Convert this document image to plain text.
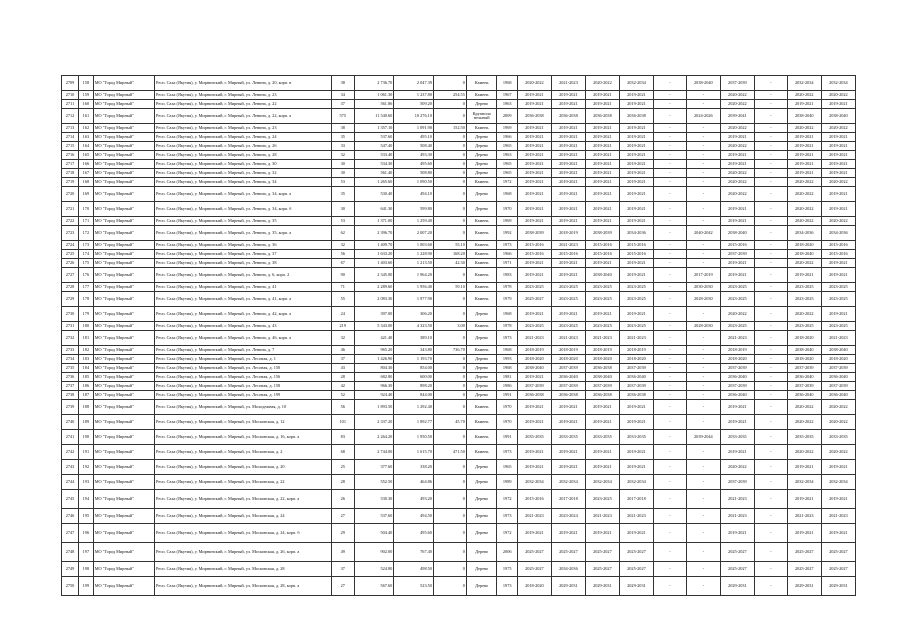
2709	158	МО "Город Мирный"	Респ. Саха (Якутия), у. Мирнинский, г. Мирный, ул. Ленина, д. 20, корп. в	38	2 736.70	2 047.39	0	Камень	1968	2020-2022	2021-2023	2020-2022	2032-2034	-	2038-2040	2037-2039	-	2032-2034	2032-2034
2710	159	МО "Город Мирный"	Респ. Саха (Якутия), у. Мирнинский, г. Мирный, ул. Ленина, д. 23	34	1 061.30	1 237.80	254.55	Камень	1967	2019-2021	2019-2021	2019-2021	2019-2021	-	-	2020-2022	-	2020-2022	2020-2022
2711	160	МО "Город Мирный"	Респ. Саха (Якутия), у. Мирнинский, г. Мирный, ул. Ленина, д. 22	37	561.86	509.20	0	Дерево	1963	2019-2021	2019-2021	2019-2021	2019-2021	-	-	2020-2022	-	2019-2021	2019-2021
2712	161	МО "Город Мирный"	Респ. Саха (Якутия), у. Мирнинский, г. Мирный, ул. Ленина, д. 22, корп. а	575	11 540.60	10 276.10	0	Крупнопа нельный	2009	2036-2038	2036-2038	2036-2038	2036-2038	-	2024-2026	2039-2041	-	2038-2040	2038-2040
2713	162	МО "Город Мирный"	Респ. Саха (Якутия), у. Мирнинский, г. Мирный, ул. Ленина, д. 23	38	1 357.10	1 091.90	152.50	Камень	1969	2019-2021	2019-2021	2019-2021	2019-2021	-	-	2020-2022	-	2020-2022	2020-2022
2714	163	МО "Город Мирный"	Респ. Саха (Якутия), у. Мирнинский, г. Мирный, ул. Ленина, д. 24	35	537.60	495.10	0	Дерево	1966	2019-2021	2019-2021	2019-2021	2019-2021	-	-	2019-2021	-	2019-2021	2019-2021
2715	164	МО "Город Мирный"	Респ. Саха (Якутия), у. Мирнинский, г. Мирный, ул. Ленина, д. 26	33	547.40	508.40	0	Дерево	1965	2019-2021	2019-2021	2019-2021	2019-2021	-	-	2020-2022	-	2019-2021	2019-2021
2716	165	МО "Город Мирный"	Респ. Саха (Якутия), у. Мирнинский, г. Мирный, ул. Ленина, д. 28	32	533.40	493.30	0	Дерево	1963	2019-2021	2019-2021	2019-2021	2019-2021	-	-	2019-2021	-	2019-2021	2019-2021
2717	166	МО "Город Мирный"	Респ. Саха (Якутия), у. Мирнинский, г. Мирный, ул. Ленина, д. 30	30	534.30	495.60	0	Дерево	1965	2019-2021	2019-2021	2019-2021	2019-2021	-	-	2019-2021	-	2019-2021	2019-2021
2718	167	МО "Город Мирный"	Респ. Саха (Якутия), у. Мирнинский, г. Мирный, ул. Ленина, д. 32	30	561.40	508.80	0	Дерево	1965	2019-2021	2019-2021	2019-2021	2019-2021	-	-	2020-2022	-	2019-2021	2019-2021
2719	168	МО "Город Мирный"	Респ. Саха (Якутия), у. Мирнинский, г. Мирный, ул. Ленина, д. 34	53	1 265.60	1 090.50	0	Камень	1972	2019-2021	2019-2021	2019-2021	2019-2021	-	-	2020-2022	-	2020-2022	2020-2022
2720	169	МО "Город Мирный"	Респ. Саха (Якутия), у. Мирнинский, г. Мирный, ул. Ленина, д. 34, корп. а	35	530.40	494.10	0	Дерево	1968	2019-2021	2019-2021	2019-2021	2019-2021	-	-	2020-2022	-	2020-2022	2019-2021
2721	170	МО "Город Мирный"	Респ. Саха (Якутия), у. Мирнинский, г. Мирный, ул. Ленина, д. 34, корп. б	30	641.30	599.80	0	Дерево	1970	2019-2021	2019-2021	2019-2021	2019-2021	-	-	2019-2021	-	2020-2022	2019-2021
2722	171	МО "Город Мирный"	Респ. Саха (Якутия), у. Мирнинский, г. Мирный, ул. Ленина, д. 35	53	1 371.00	1 259.40	0	Камень	1969	2019-2021	2019-2021	2019-2021	2019-2021	-	-	2019-2021	-	2020-2022	2020-2022
2723	172	МО "Город Мирный"	Респ. Саха (Якутия), у. Мирнинский, г. Мирный, ул. Ленина, д. 35, корп. а	62	2 396.70	2 007.20	0	Камень	1992	2038-2039	2018-2019	2038-2039	2034-2036	-	2040-2042	2038-2040	-	2034-2036	2034-2036
2724	173	МО "Город Мирный"	Респ. Саха (Якутия), у. Мирнинский, г. Мирный, ул. Ленина, д. 36	32	1 409.70	1 003.60	55.10	Камень	1973	2015-2016	2021-2023	2015-2016	2015-2016	-	-	2015-2016	-	2018-2020	2015-2016
2725	174	МО "Город Мирный"	Респ. Саха (Якутия), у. Мирнинский, г. Мирный, ул. Ленина, д. 37	56	1 633.20	1 228.90	168.20	Камень	1966	2015-2016	2015-2016	2015-2016	2015-2016	-	-	2037-2039	-	2018-2040	2015-2016
2726	175	МО "Город Мирный"	Респ. Саха (Якутия), у. Мирнинский, г. Мирный, ул. Ленина, д. 38	67	1 403.60	1 213.50	42.30	Камень	1971	2019-2021	2019-2021	2019-2021	2019-2021	-	-	2019-2021	-	2020-2022	2019-2021
2727	176	МО "Город Мирный"	Респ. Саха (Якутия), у. Мирнинский, г. Мирный, ул. Ленина, д. 6, корп. 2	90	2 345.00	1 964.20	0	Камень	1983	2019-2021	2019-2021	2038-2040	2019-2021	-	2017-2019	2019-2021	-	2019-2021	2019-2021
2728	177	МО "Город Мирный"	Респ. Саха (Якутия), у. Мирнинский, г. Мирный, ул. Ленина, д. 41	71	2 289.60	1 956.40	59.10	Камень	1978	2023-2025	2023-2025	2023-2025	2023-2025	-	2030-2030	2023-2025	-	2023-2025	2023-2025
2729	178	МО "Город Мирный"	Респ. Саха (Якутия), у. Мирнинский, г. Мирный, ул. Ленина, д. 41, корп. а	55	2 083.30	1 977.90	0	Камень	1979	2025-2027	2023-2025	2023-2025	2023-2025	-	2028-2030	2023-2025	-	2023-2025	2023-2025
2730	179	МО "Город Мирный"	Респ. Саха (Якутия), у. Мирнинский, г. Мирный, ул. Ленина, д. 42, корп. а	24	397.00	306.20	0	Дерево	1968	2019-2021	2019-2021	2019-2021	2019-2021	-	-	2020-2022	-	2020-2022	2019-2021
2731	180	МО "Город Мирный"	Респ. Саха (Якутия), у. Мирнинский, г. Мирный, ул. Ленина, д. 43	219	5 343.00	4 323.50	3.00	Камень	1978	2023-2025	2023-2025	2023-2025	2023-2025	-	2028-2030	2023-2025	-	2023-2025	2023-2025
2732	181	МО "Город Мирный"	Респ. Саха (Якутия), у. Мирнинский, г. Мирный, ул. Ленина, д. 46, корп. а	32	421.40	389.10	0	Дерево	1973	2021-2023	2021-2023	2021-2023	2021-2023	-	-	2021-2023	-	2018-2020	2021-2023
2733	182	МО "Город Мирный"	Респ. Саха (Якутия), у. Мирнинский, г. Мирный, ул. Ленина, д. 7	46	965.20	343.80	736.70	Камень	1968	2018-2019	2018-2019	2018-2019	2018-2019	-	-	2018-2019	-	2038-2040	2038-2040
2734	183	МО "Город Мирный"	Респ. Саха (Якутия), у. Мирнинский, г. Мирный, ул. Лесоная, д. 1	37	1 426.90	1 193.70	0	Дерево	1993	2018-2020	2018-2020	2018-2020	2018-2020	-	-	2018-2020	-	2018-2020	2018-2020
2735	184	МО "Город Мирный"	Респ. Саха (Якутия), у. Мирнинский, г. Мирный, ул. Лесоная, д. 150	43	804.30	854.00	0	Дерево	1968	2038-2040	2037-2039	2036-2038	2037-2039	-	-	2037-2039	-	2037-2039	2037-2039
2736	185	МО "Город Мирный"	Респ. Саха (Якутия), у. Мирнинский, г. Мирный, ул. Лесоная, д. 156	28	682.80	600.00	0	Дерево	1981	2019-2021	2036-2040	2038-2040	2036-2040	-	-	2036-2040	-	2036-2040	2036-2040
2737	186	МО "Город Мирный"	Респ. Саха (Якутия), у. Мирнинский, г. Мирный, ул. Лесоная, д. 158	42	966.30	898.20	0	Дерево	1986	2037-2039	2037-2039	2037-2039	2037-2039	-	-	2037-2039	-	2037-2039	2037-2039
2738	187	МО "Город Мирный"	Респ. Саха (Якутия), у. Мирнинский, г. Мирный, ул. Лесоная, д. 199	52	924.40	844.00	0	Дерево	1991	2036-2038	2036-2038	2036-2038	2036-2038	-	-	2036-2040	-	2036-2040	2036-2040
2739	188	МО "Город Мирный"	Респ. Саха (Якутия), у. Мирнинский, г. Мирный, ул. Молодежная, д. 10	56	1 893.50	1 292.40	0	Камень	1970	2019-2021	2019-2021	2019-2021	2019-2021	-	-	2019-2021	-	2020-2022	2020-2022
2740	189	МО "Город Мирный"	Респ. Саха (Якутия), у. Мирнинский, г. Мирный, ул. Московская, д. 12	101	2 337.20	1 892.77	45.70	Камень	1970	2019-2021	2019-2021	2019-2021	2019-2021	-	-	2019-2021	-	2020-2022	2020-2022
2741	190	МО "Город Мирный"	Респ. Саха (Якутия), у. Мирнинский, г. Мирный, ул. Московская, д. 16, корп. а	83	2 264.20	1 950.50	0	Камень	1991	2035-2035	2033-2035	2033-2035	2033-2035	-	2039-2044	2033-2035	-	2035-2035	2033-2035
2742	191	МО "Город Мирный"	Респ. Саха (Якутия), у. Мирнинский, г. Мирный, ул. Московская, д. 2	68	2 744.00	1 615.70	471.50	Камень	1973	2019-2021	2019-2021	2019-2021	2019-2021	-	-	2019-2021	-	2020-2022	2020-2022
2743	192	МО "Город Мирный"	Респ. Саха (Якутия), у. Мирнинский, г. Мирный, ул. Московская, д. 20	25	377.60	338.20	0	Дерево	1965	2019-2021	2019-2021	2019-2021	2019-2021	-	-	2020-2022	-	2019-2021	2019-2021
2744	193	МО "Город Мирный"	Респ. Саха (Якутия), у. Мирнинский, г. Мирный, ул. Московская, д. 22	28	552.50	464.86	0	Дерево	1989	2032-2034	2032-2034	2032-2034	2032-2034	-	-	2037-2039	-	2032-2034	2032-2034
2745	194	МО "Город Мирный"	Респ. Саха (Якутия), у. Мирнинский, г. Мирный, ул. Московская, д. 22, корп. а	26	530.30	493.20	0	Дерево	1972	2015-2016	2017-2018	2023-2025	2017-2018	-	-	2021-2023	-	2019-2021	2019-2021
2746	195	МО "Город Мирный"	Респ. Саха (Якутия), у. Мирнинский, г. Мирный, ул. Московская, д. 24	27	537.60	494.50	0	Дерево	1973	2021-2023	2023-2024	2021-2023	2021-2023	-	-	2021-2023	-	2021-2023	2021-2023
2747	196	МО "Город Мирный"	Респ. Саха (Якутия), у. Мирнинский, г. Мирный, ул. Московская, д. 24, корп. б	29	504.40	495.60	0	Дерево	1972	2019-2021	2019-2021	2019-2021	2019-2021	-	-	2019-2021	-	2019-2021	2019-2021
2748	197	МО "Город Мирный"	Респ. Саха (Якутия), у. Мирнинский, г. Мирный, ул. Московская, д. 26, корп. а	49	902.00	767.40	0	Дерево	2006	2025-2027	2025-2027	2025-2027	2025-2027	-	-	2025-2027	-	2025-2027	2025-2027
2749	198	МО "Город Мирный"	Респ. Саха (Якутия), у. Мирнинский, г. Мирный, ул. Московская, д. 28	37	524.80	498.50	0	Дерево	1975	2025-2027	2034-2036	2025-2027	2025-2027	-	-	2025-2027	-	2025-2027	2025-2027
2750	199	МО "Город Мирный"	Респ. Саха (Якутия), у. Мирнинский, г. Мирный, ул. Московская, д. 28, корп. а	27	567.60	523.50	0	Дерево	1973	2018-2020	2029-2031	2029-2031	2029-2031	-	-	2029-2031	-	2029-2031	2029-2031
